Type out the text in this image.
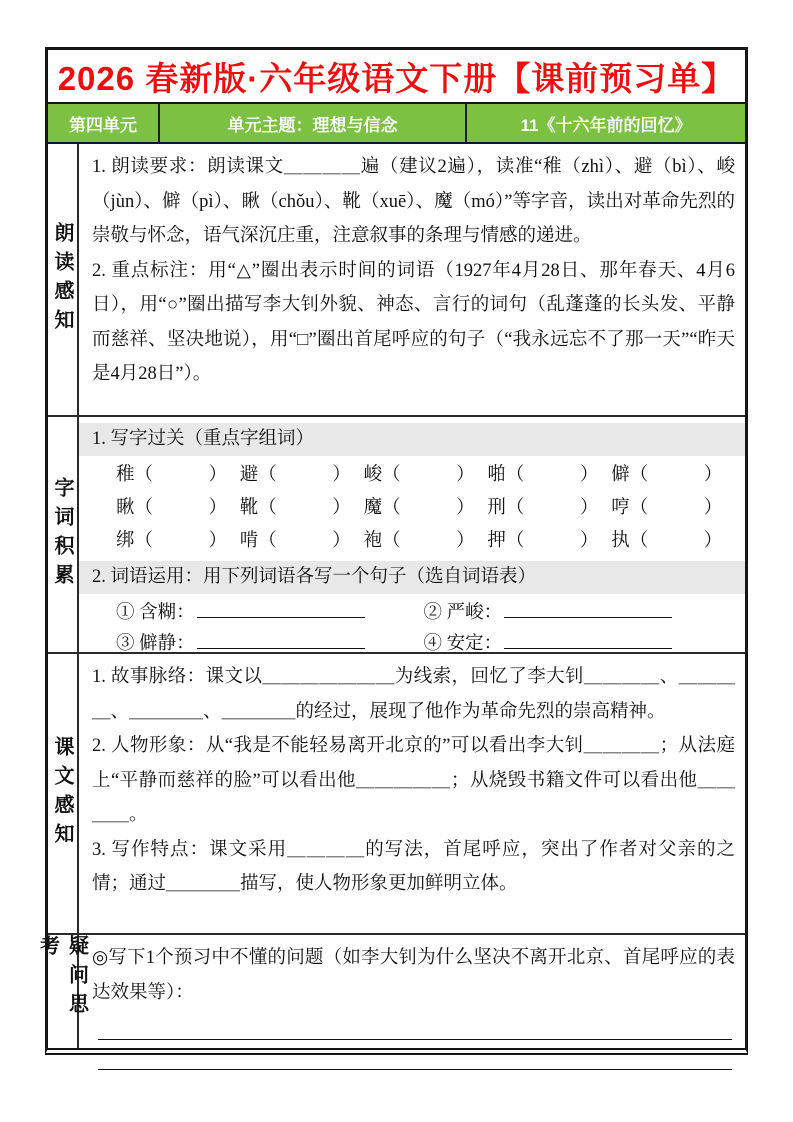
2026 春新版·六年级语文下册【课前预习单】
第四单元	单元主题：理想与信念	11《十六年前的回忆》
朗读感知

1. 朗读要求：朗读课文＿＿＿＿遍（建议2遍），读准“稚（zhì）、避（bì）、峻（jùn）、僻（pì）、瞅（chǒu）、靴（xuē）、魔（mó）”等字音，读出对革命先烈的崇敬与怀念，语气深沉庄重，注意叙事的条理与情感的递进。

2. 重点标注：用“△”圈出表示时间的词语（1927年4月28日、那年春天、4月6日），用“○”圈出描写李大钊外貌、神态、言行的词句（乱蓬蓬的长头发、平静而慈祥、坚决地说），用“□”圈出首尾呼应的句子（“我永远忘不了那一天”“昨天是4月28日”）。

字词积累
1. 写字过关（重点字组词）
稚（　　　） 避（　　　） 峻（　　　） 啪（　　　） 僻（　　　）
瞅（　　　） 靴（　　　） 魔（　　　） 刑（　　　） 哼（　　　）
绑（　　　） 啃（　　　） 袍（　　　） 押（　　　） 执（　　　）
2. 词语运用：用下列词语各写一个句子（选自词语表）
① 含糊：	② 严峻：
③ 僻静：	④ 安定：
课文感知

1. 故事脉络：课文以＿＿＿＿＿＿＿为线索，回忆了李大钊＿＿＿＿、＿＿＿＿、＿＿＿＿、＿＿＿＿的经过，展现了他作为革命先烈的崇高精神。

2. 人物形象：从“我是不能轻易离开北京的”可以看出李大钊＿＿＿＿；从法庭上“平静而慈祥的脸”可以看出他＿＿＿＿＿；从烧毁书籍文件可以看出他＿＿＿＿。

3. 写作特点：课文采用＿＿＿＿的写法，首尾呼应，突出了作者对父亲的之情；通过＿＿＿＿描写，使人物形象更加鲜明立体。

疑问思考	◎写下1个预习中不懂的问题（如李大钊为什么坚决不离开北京、首尾呼应的表达效果等）：
